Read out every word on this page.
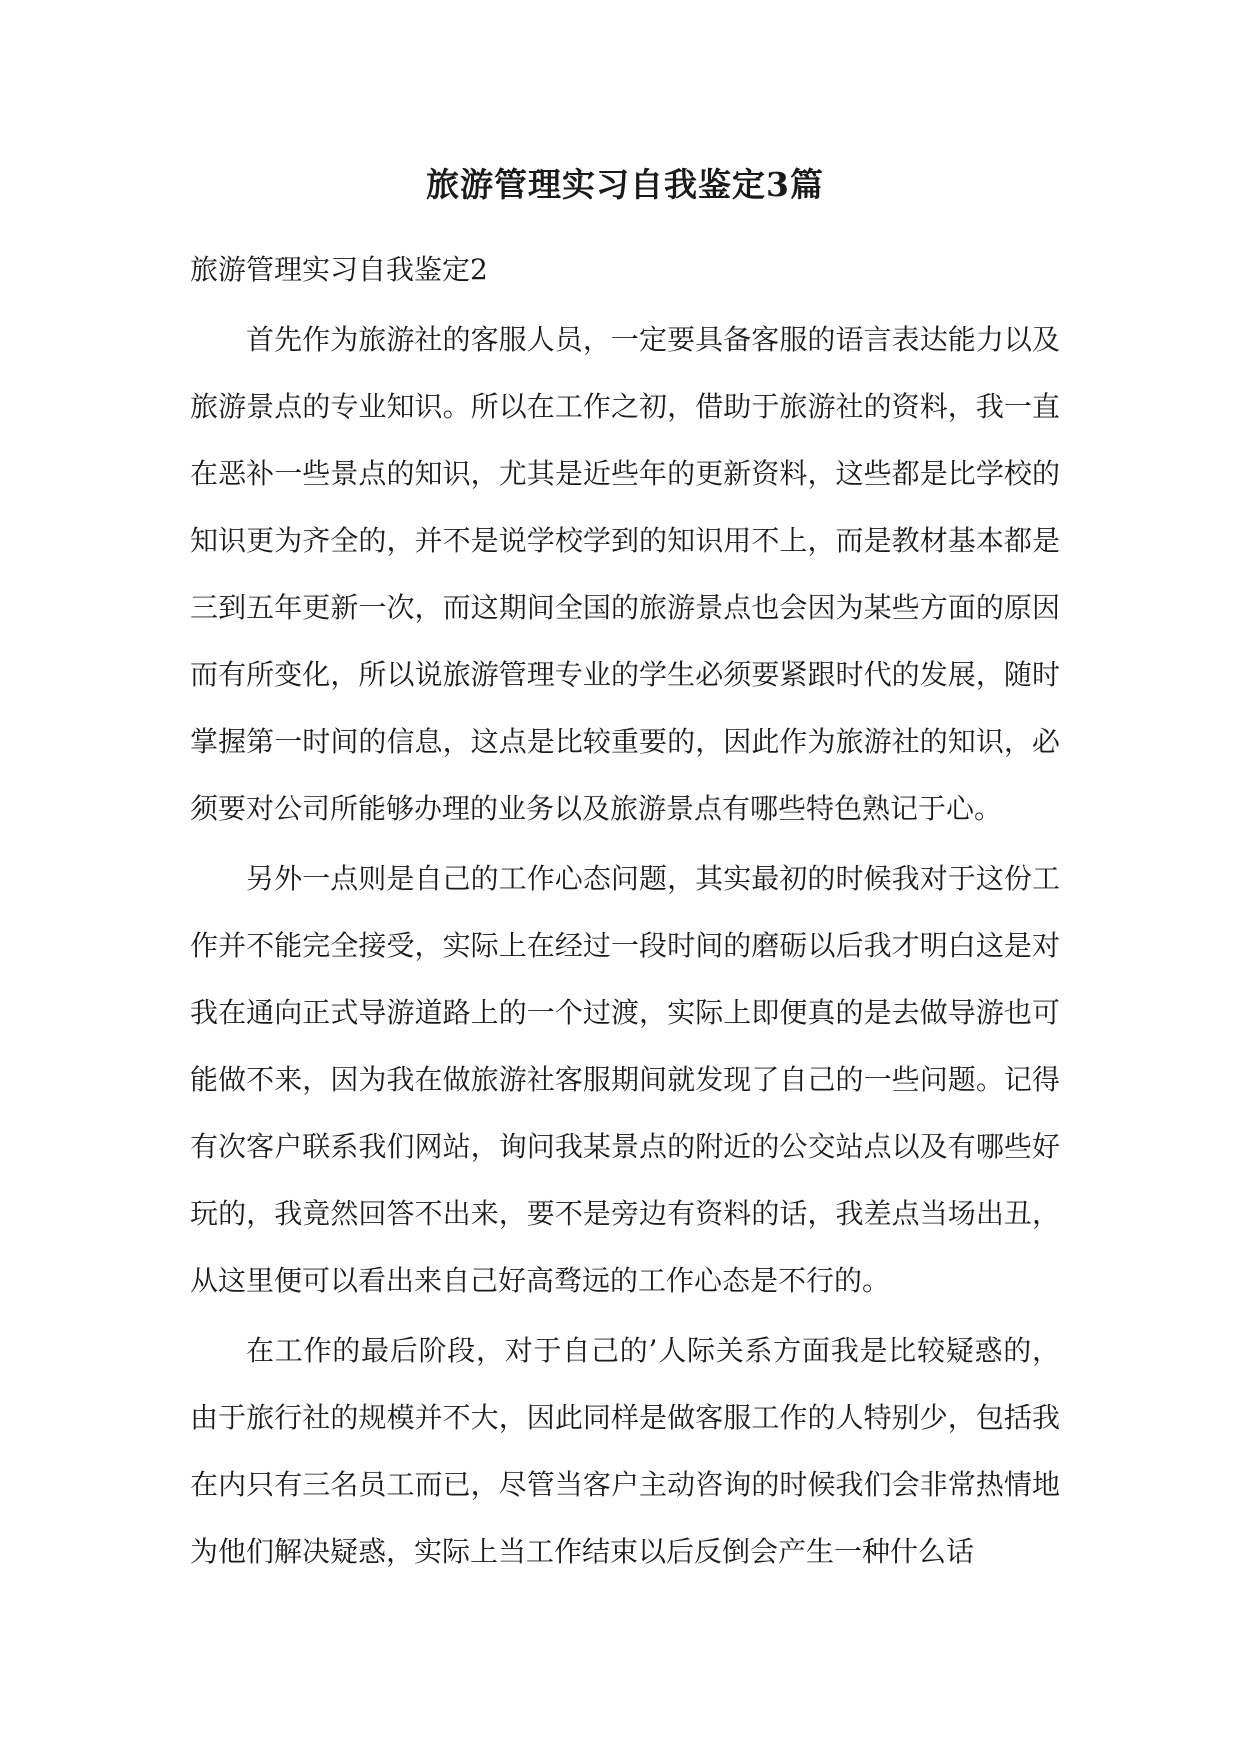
旅游管理实习自我鉴定3篇

旅游管理实习自我鉴定2

首先作为旅游社的客服人员，一定要具备客服的语言表达能力以及旅游景点的专业知识。所以在工作之初，借助于旅游社的资料，我一直在恶补一些景点的知识，尤其是近些年的更新资料，这些都是比学校的知识更为齐全的，并不是说学校学到的知识用不上，而是教材基本都是三到五年更新一次，而这期间全国的旅游景点也会因为某些方面的原因而有所变化，所以说旅游管理专业的学生必须要紧跟时代的发展，随时掌握第一时间的信息，这点是比较重要的，因此作为旅游社的知识，必须要对公司所能够办理的业务以及旅游景点有哪些特色熟记于心。

另外一点则是自己的工作心态问题，其实最初的时候我对于这份工作并不能完全接受，实际上在经过一段时间的磨砺以后我才明白这是对我在通向正式导游道路上的一个过渡，实际上即便真的是去做导游也可能做不来，因为我在做旅游社客服期间就发现了自己的一些问题。记得有次客户联系我们网站，询问我某景点的附近的公交站点以及有哪些好玩的，我竟然回答不出来，要不是旁边有资料的话，我差点当场出丑，从这里便可以看出来自己好高骛远的工作心态是不行的。

在工作的最后阶段，对于自己的’人际关系方面我是比较疑惑的，由于旅行社的规模并不大，因此同样是做客服工作的人特别少，包括我在内只有三名员工而已，尽管当客户主动咨询的时候我们会非常热情地为他们解决疑惑，实际上当工作结束以后反倒会产生一种什么话
